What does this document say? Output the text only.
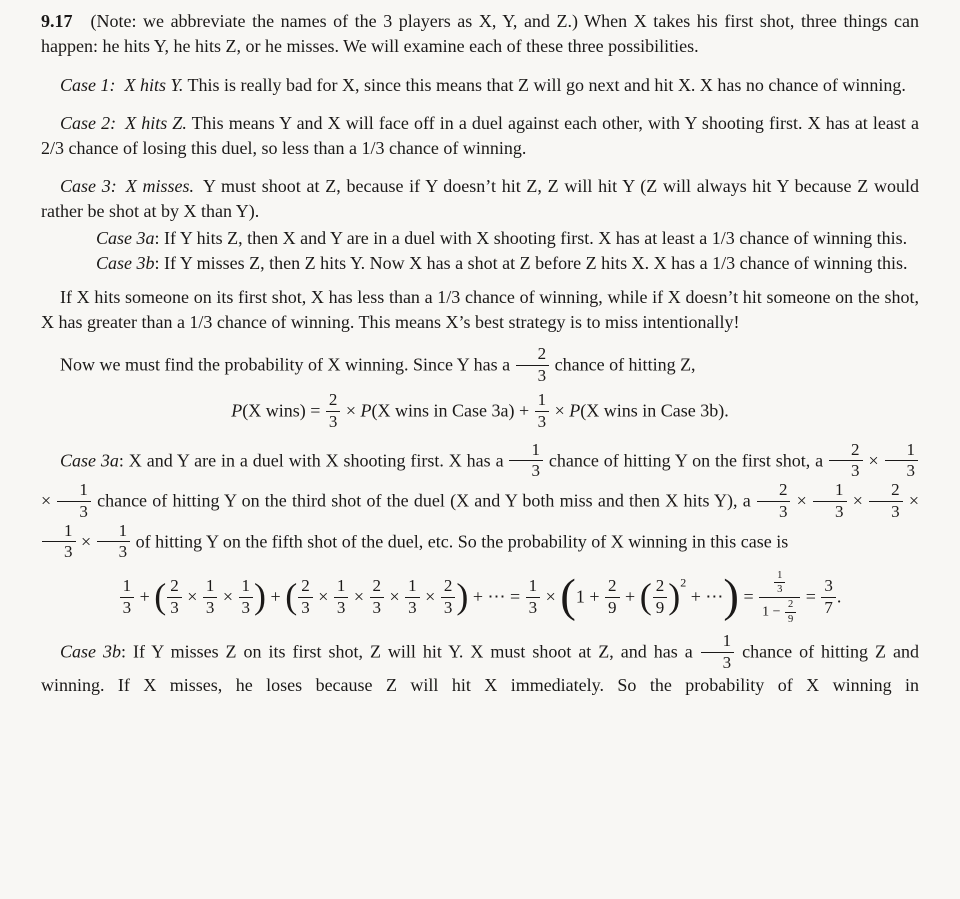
9.17 (Note: we abbreviate the names of the 3 players as X, Y, and Z.) When X takes his first shot, three things can happen: he hits Y, he hits Z, or he misses. We will examine each of these three possibilities.

Case 1: X hits Y. This is really bad for X, since this means that Z will go next and hit X. X has no chance of winning.

Case 2: X hits Z. This means Y and X will face off in a duel against each other, with Y shooting first. X has at least a 2/3 chance of losing this duel, so less than a 1/3 chance of winning.

Case 3: X misses. Y must shoot at Z, because if Y doesn’t hit Z, Z will hit Y (Z will always hit Y because Z would rather be shot at by X than Y).

Case 3a: If Y hits Z, then X and Y are in a duel with X shooting first. X has at least a 1/3 chance of winning this.

Case 3b: If Y misses Z, then Z hits Y. Now X has a shot at Z before Z hits X. X has a 1/3 chance of winning this.

If X hits someone on its first shot, X has less than a 1/3 chance of winning, while if X doesn’t hit someone on the shot, X has greater than a 1/3 chance of winning. This means X’s best strategy is to miss intentionally!

Now we must find the probability of X winning. Since Y has a $\frac{2}{3}$ chance of hitting Z,

P(X wins) = $\frac{2}{3} \times P(X$ wins in Case $3a) + \frac{1}{3} \times P(X$ wins in Case 3b).

Case 3a: X and Y are in a duel with X shooting first. X has a $\frac{1}{3}$ chance of hitting Y on the first shot, a $\frac{2}{3} \times \frac{1}{3}$
× $\frac{1}{3}$ chance of hitting Y on the third shot of the duel (X and Y both miss and then X hits Y), a $\frac{2}{3} \times \frac{1}{3} \times \frac{2}{3}$ ×
$\frac{1}{3} \times \frac{1}{3}$ of hitting Y on the fifth shot of the duel, etc. So the probability of X winning in this case is

$\frac{1}{3}$ + ( $\frac{2}{3} \times \frac{1}{3} \times \frac{1}{3}$ ) + ( $\frac{2}{3} \times \frac{1}{3} \times \frac{2}{3} \times \frac{1}{3} \times \frac{2}{3}$ ) + ⋯ = $\frac{1}{3} \times (1 + \frac{2}{9}$ + ( $\frac{2}{9} )^2$ + ⋯) = $\frac{\frac{1}{3}}{1 - \frac{2}{9}} = \frac{3}{7}$ .

Case 3b: If Y misses Z on its first shot, Z will hit Y. X must shoot at Z, and has a $\frac{1}{3}$ chance of hitting Z and winning. If X misses, he loses because Z will hit X immediately. So the probability of X winning in
